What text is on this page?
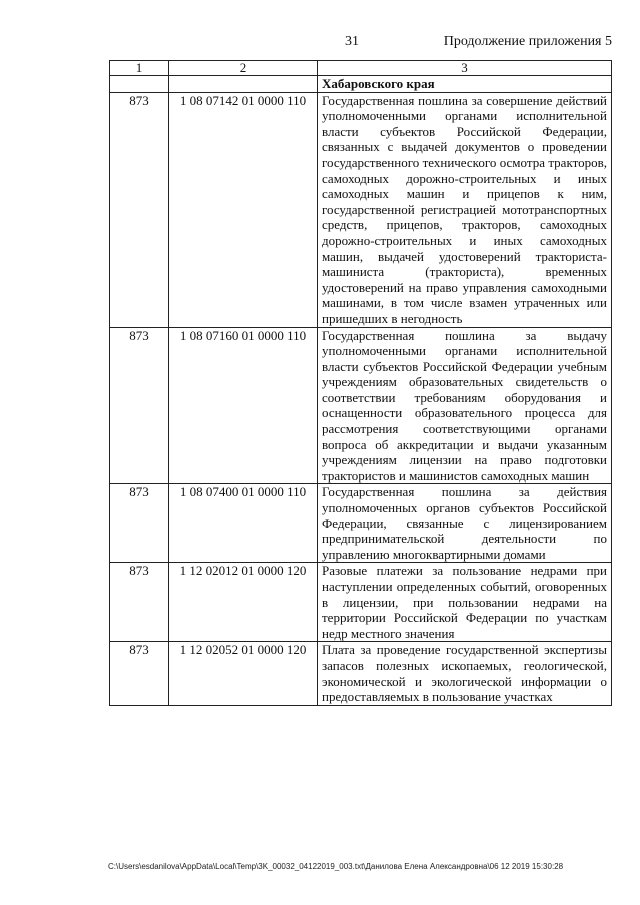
31	Продолжение приложения 5
1	2	3

		Хабаровского края

873	1 08 07142 01 0000 110	Государственная пошлина за совершение действий уполномоченными органами исполнительной власти субъектов Российской Федерации, связанных с выдачей документов о проведении государственного технического осмотра тракторов, самоходных дорожно-строительных и иных самоходных машин и прицепов к ним, государственной регистрацией мототранспортных средств, прицепов, тракторов, самоходных дорожно-строительных и иных самоходных машин, выдачей удостоверений тракториста-машиниста (тракториста), временных удостоверений на право управления самоходными машинами, в том числе взамен утраченных или пришедших в негодность
873	1 08 07160 01 0000 110	Государственная пошлина за выдачу уполномоченными органами исполнительной власти субъектов Российской Федерации учебным учреждениям образовательных свидетельств о соответствии требованиям оборудования и оснащенности образовательного процесса для рассмотрения соответствующими органами вопроса об аккредитации и выдачи указанным учреждениям лицензии на право подготовки трактористов и машинистов самоходных машин
873	1 08 07400 01 0000 110	Государственная пошлина за действия уполномоченных органов субъектов Российской Федерации, связанные с лицензированием предпринимательской деятельности по управлению многоквартирными домами
873	1 12 02012 01 0000 120	Разовые платежи за пользование недрами при наступлении определенных событий, оговоренных в лицензии, при пользовании недрами на территории Российской Федерации по участкам недр местного значения
873	1 12 02052 01 0000 120	Плата за проведение государственной экспертизы запасов полезных ископаемых, геологической, экономической и экологической информации о предоставляемых в пользование участках
C:\Users\esdanilova\AppData\Local\Temp\3K_00032_04122019_003.txt\Данилова Елена Александровна\06 12 2019 15:30:28
